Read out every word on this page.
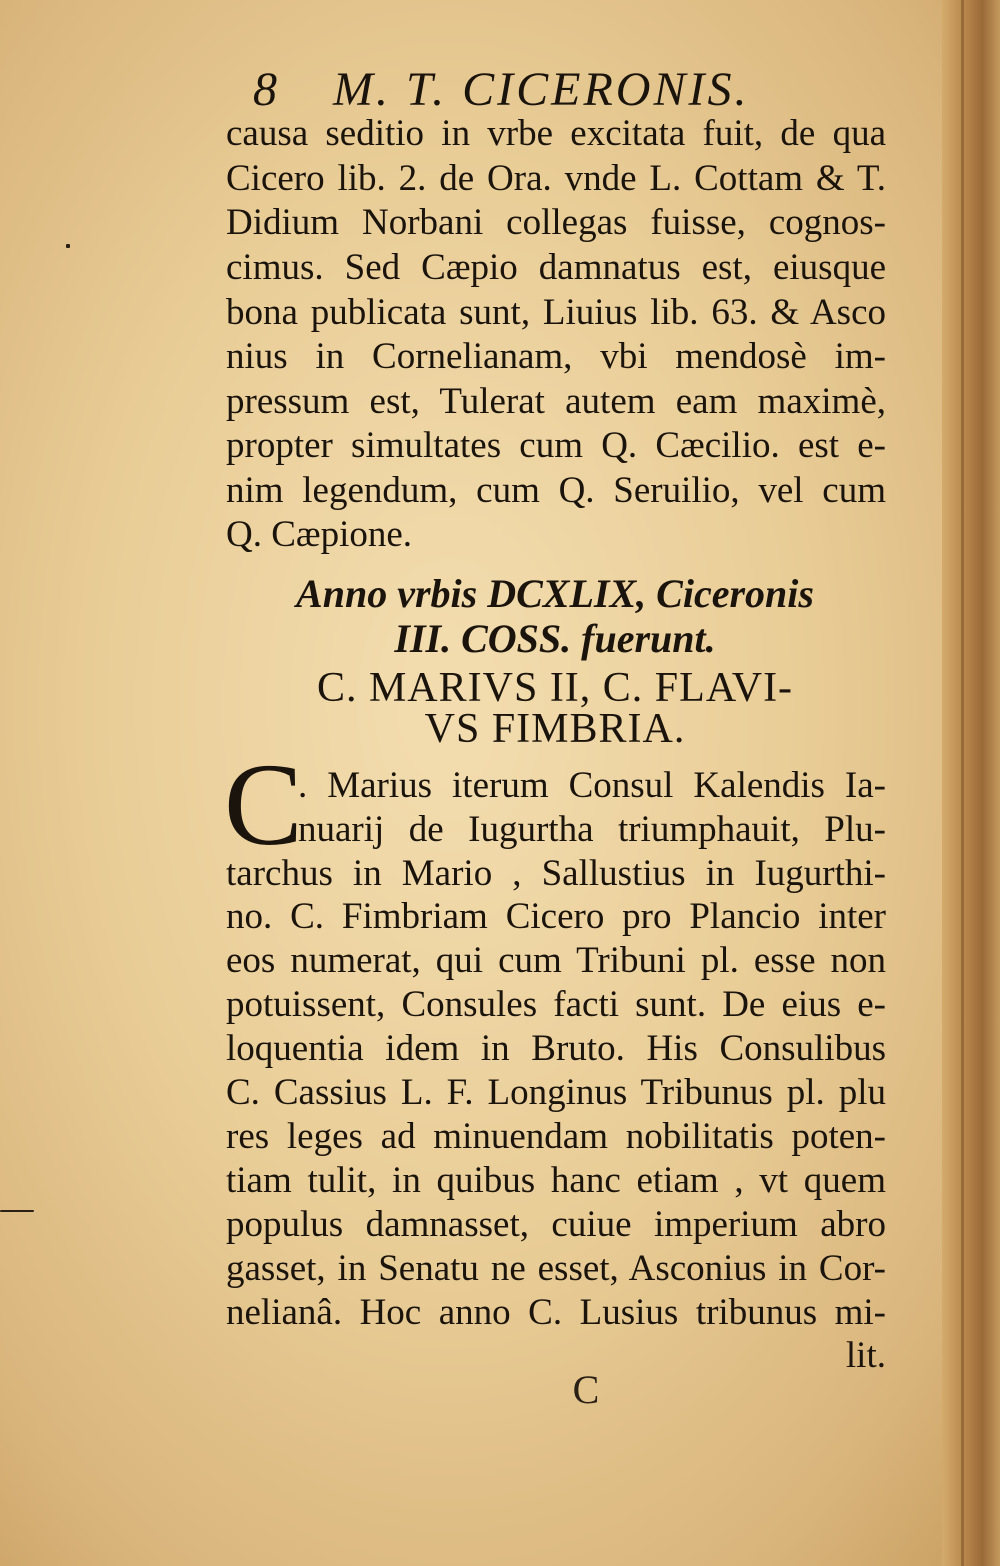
8 M. T. CICERONIS.
causa seditio in vrbe excitata fuit, de qua
Cicero lib. 2. de Ora. vnde L. Cottam & T.
Didium Norbani collegas fuisse, cognos-
cimus. Sed Cæpio damnatus est, eiusque
bona publicata sunt, Liuius lib. 63. & Asco
nius in Cornelianam, vbi mendosè im-
pressum est, Tulerat autem eam maximè,
propter simultates cum Q. Cæcilio. est e-
nim legendum, cum Q. Seruilio, vel cum
Q. Cæpione.
Anno vrbis DCXLIX, Ciceronis
III. COSS. fuerunt.
C. MARIVS II, C. FLAVI-
VS FIMBRIA.
C
. Marius iterum Consul Kalendis Ia-
nuarij de Iugurtha triumphauit, Plu-
tarchus in Mario , Sallustius in Iugurthi-
no. C. Fimbriam Cicero pro Plancio inter
eos numerat, qui cum Tribuni pl. esse non
potuissent, Consules facti sunt. De eius e-
loquentia idem in Bruto. His Consulibus
C. Cassius L. F. Longinus Tribunus pl. plu
res leges ad minuendam nobilitatis poten-
tiam tulit, in quibus hanc etiam , vt quem
populus damnasset, cuiue imperium abro
gasset, in Senatu ne esset, Asconius in Cor-
nelianâ. Hoc anno C. Lusius tribunus mi-
lit.
C
